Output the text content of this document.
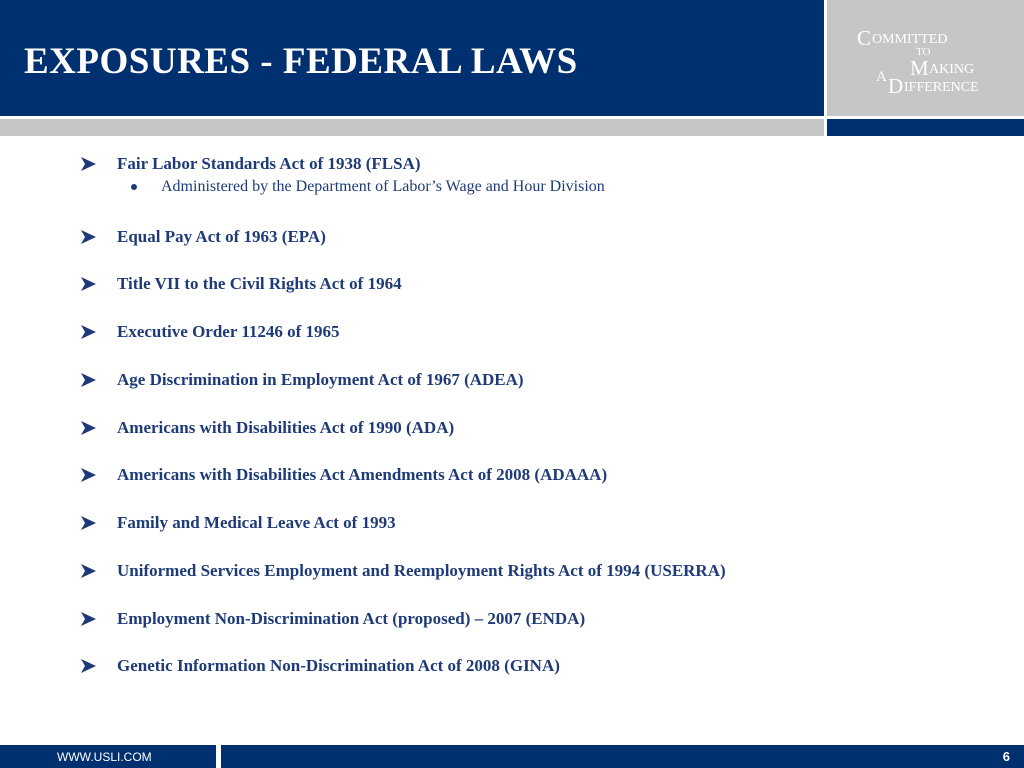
EXPOSURES - FEDERAL LAWS
C OMMITTED
TO
M AKING
A D IFFERENCE
Fair Labor Standards Act of 1938 (FLSA)
Administered by the Department of Labor’s Wage and Hour Division
Equal Pay Act of 1963 (EPA)
Title VII to the Civil Rights Act of 1964
Executive Order 11246 of 1965
Age Discrimination in Employment Act of 1967 (ADEA)
Americans with Disabilities Act of 1990 (ADA)
Americans with Disabilities Act Amendments Act of 2008 (ADAAA)
Family and Medical Leave Act of 1993
Uniformed Services Employment and Reemployment Rights Act of 1994 (USERRA)
Employment Non-Discrimination Act (proposed) – 2007 (ENDA)
Genetic Information Non-Discrimination Act of 2008 (GINA)
WWW.USLI.COM	6
